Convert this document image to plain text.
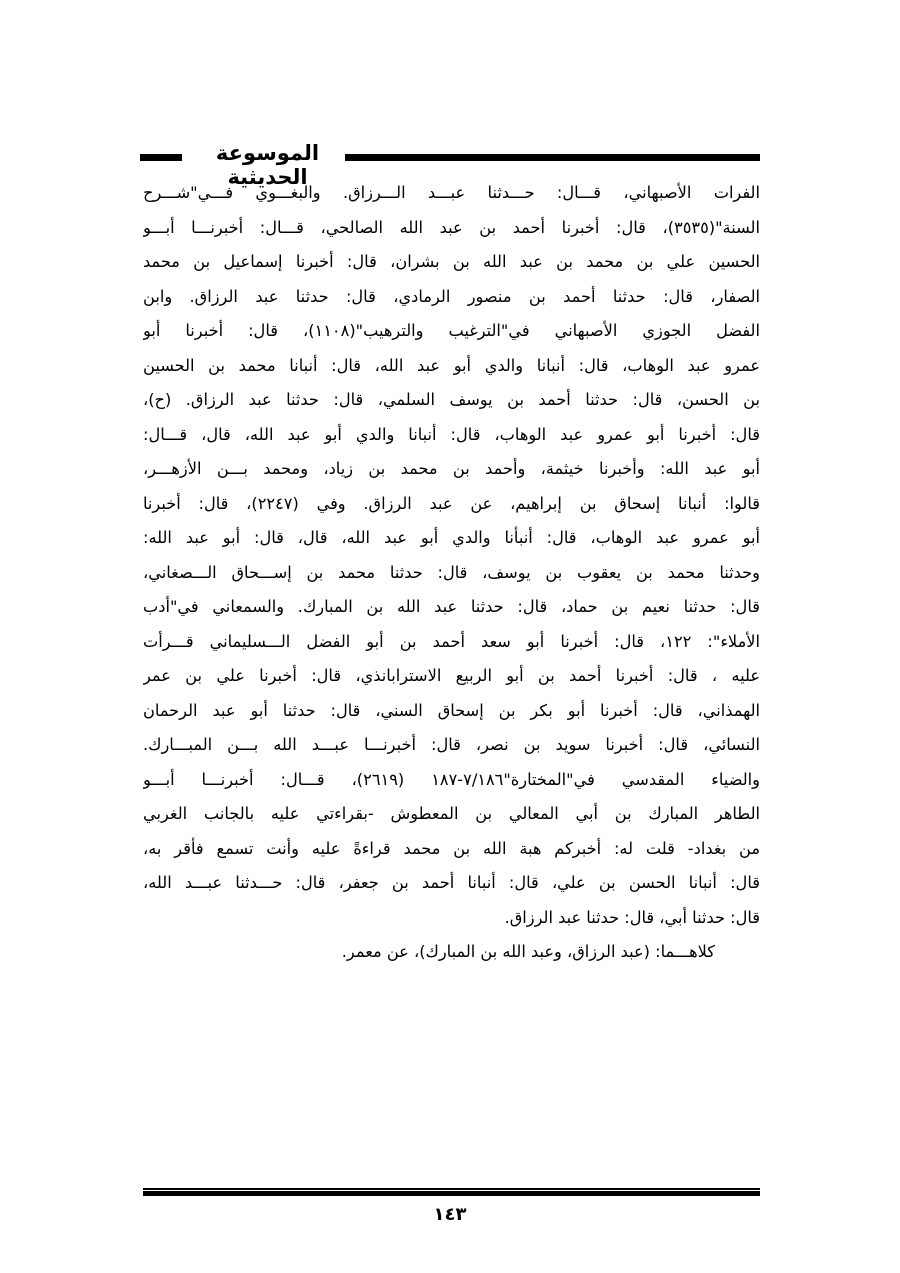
الموسوعة الحديثية
الفرات الأصبهاني، قـــال: حـــدثنا عبـــد الـــرزاق. والبغـــوي فـــي"شـــرح
السنة"(٣٥٣٥)، قال: أخبرنا أحمد بن عبد الله الصالحي، قـــال: أخبرنـــا أبـــو
الحسين علي بن محمد بن عبد الله بن بشران، قال: أخبرنا إسماعيل بن محمد
الصفار، قال: حدثنا أحمد بن منصور الرمادي، قال: حدثنا عبد الرزاق. وابن
الفضل الجوزي الأصبهاني في"الترغيب والترهيب"(١١٠٨)، قال: أخبرنا أبو
عمرو عبد الوهاب، قال: أنبانا والدي أبو عبد الله، قال: أنبانا محمد بن الحسين
بن الحسن، قال: حدثنا أحمد بن يوسف السلمي، قال: حدثنا عبد الرزاق. (ح)،
قال: أخبرنا أبو عمرو عبد الوهاب، قال: أنبانا والدي أبو عبد الله، قال، قـــال:
أبو عبد الله: وأخبرنا خيثمة، وأحمد بن محمد بن زياد، ومحمد بـــن الأزهـــر،
قالوا: أنبانا إسحاق بن إبراهيم، عن عبد الرزاق. وفي (٢٢٤٧)، قال: أخبرنا
أبو عمرو عبد الوهاب، قال: أنبأنا والدي أبو عبد الله، قال، قال: أبو عبد الله:
وحدثنا محمد بن يعقوب بن يوسف، قال: حدثنا محمد بن إســـحاق الـــصغاني،
قال: حدثنا نعيم بن حماد، قال: حدثنا عبد الله بن المبارك. والسمعاني في"أدب
الأملاء": ١٢٢، قال: أخبرنا أبو سعد أحمد بن أبو الفضل الـــسليماني قـــرأت
عليه ، قال: أخبرنا أحمد بن أبو الربيع الاسترابانذي، قال: أخبرنا علي بن عمر
الهمذاني، قال: أخبرنا أبو بكر بن إسحاق السني، قال: حدثنا أبو عبد الرحمان
النسائي، قال: أخبرنا سويد بن نصر، قال: أخبرنـــا عبـــد الله بـــن المبـــارك.
والضياء المقدسي في"المختارة"٧/١٨٦-١٨٧ (٢٦١٩)، قـــال: أخبرنـــا أبـــو
الطاهر المبارك بن أبي المعالي بن المعطوش -بقراءتي عليه بالجانب الغربي
من بغداد- قلت له: أخبركم هبة الله بن محمد قراءةً عليه وأنت تسمع فأقر به،
قال: أنبانا الحسن بن علي، قال: أنبانا أحمد بن جعفر، قال: حـــدثنا عبـــد الله،
قال: حدثنا أبي، قال: حدثنا عبد الرزاق.
كلاهـــما: (عبد الرزاق، وعبد الله بن المبارك)، عن معمر.
١٤٣
